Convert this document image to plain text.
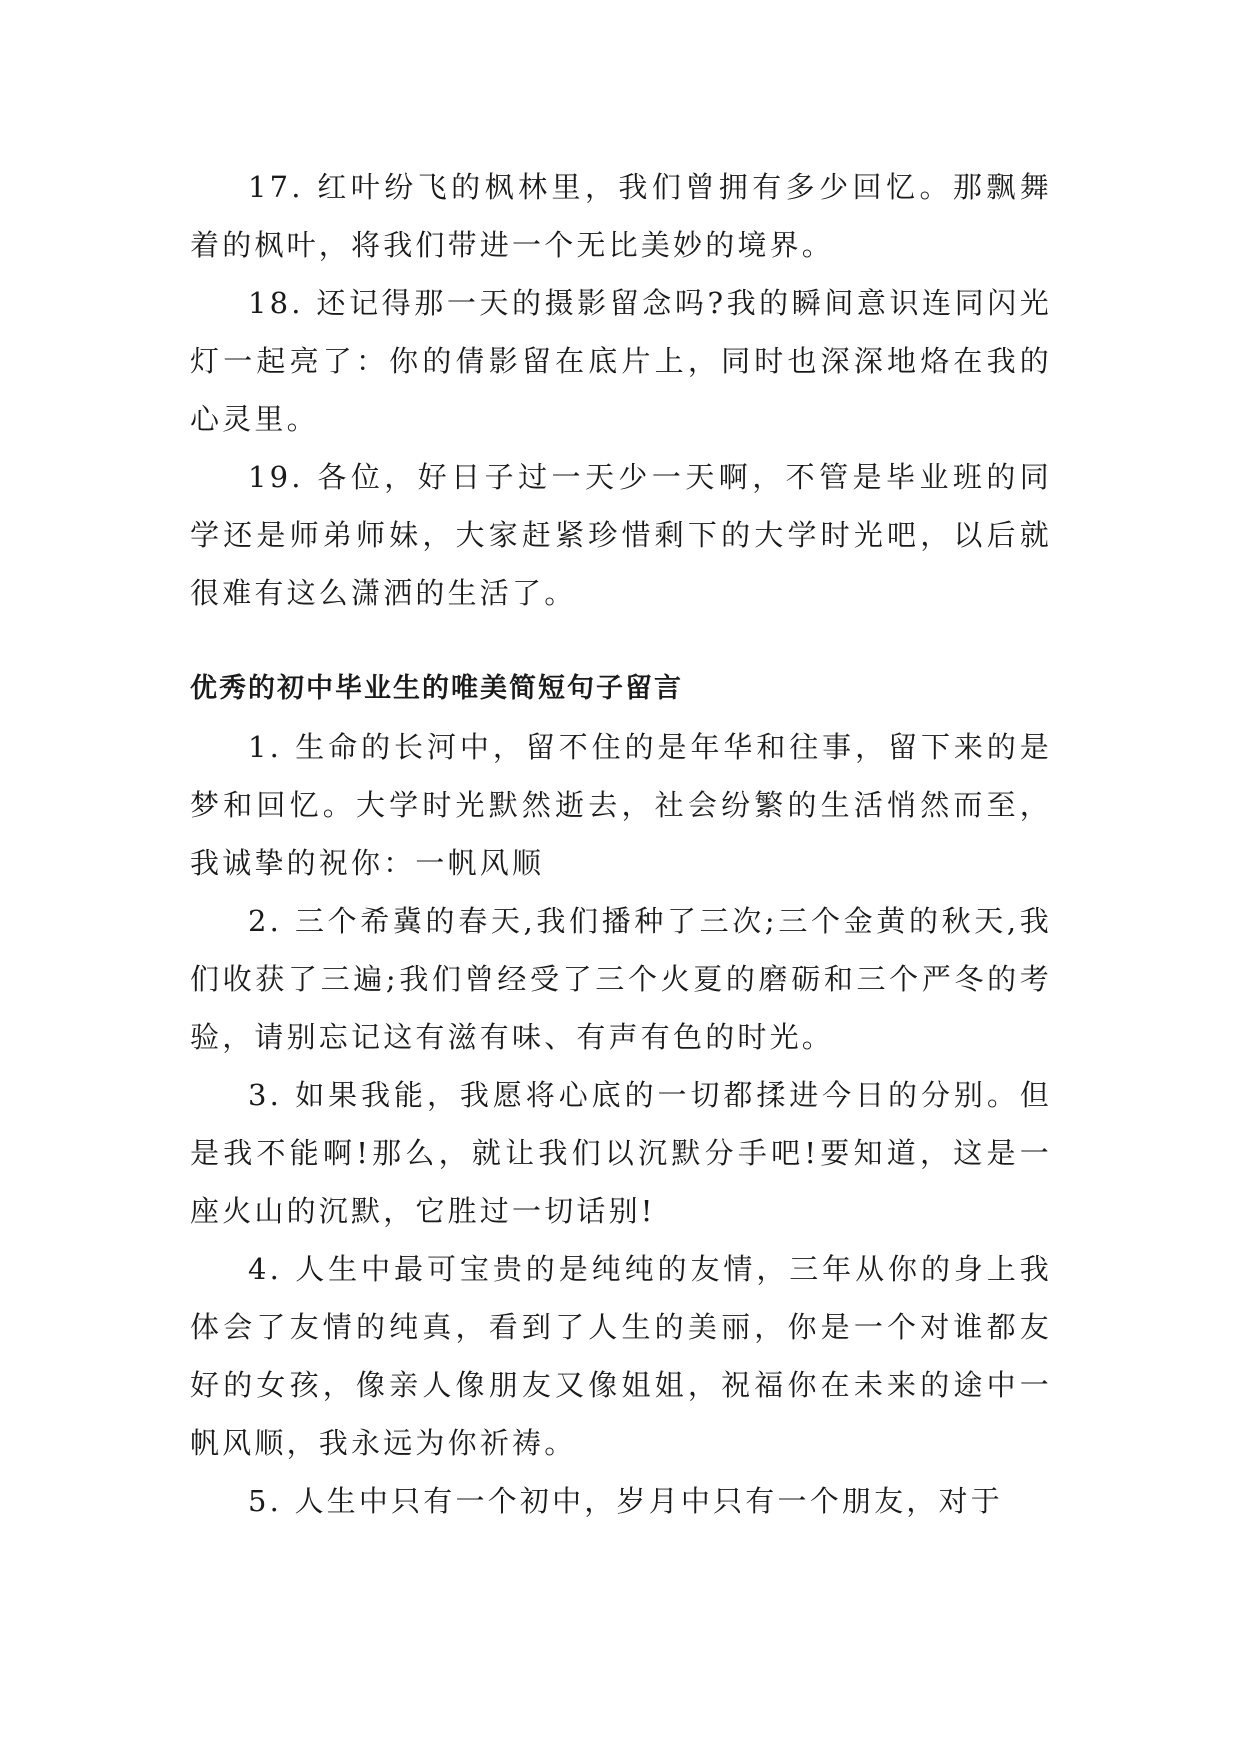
17. 红叶纷飞的枫林里，我们曾拥有多少回忆。那飘舞着的枫叶，将我们带进一个无比美妙的境界。

18. 还记得那一天的摄影留念吗?我的瞬间意识连同闪光灯一起亮了：你的倩影留在底片上，同时也深深地烙在我的心灵里。

19. 各位，好日子过一天少一天啊，不管是毕业班的同学还是师弟师妹，大家赶紧珍惜剩下的大学时光吧，以后就很难有这么潇洒的生活了。

优秀的初中毕业生的唯美简短句子留言

1. 生命的长河中，留不住的是年华和往事，留下来的是梦和回忆。大学时光默然逝去，社会纷繁的生活悄然而至，我诚挚的祝你：一帆风顺

2. 三个希冀的春天,我们播种了三次;三个金黄的秋天,我们收获了三遍;我们曾经受了三个火夏的磨砺和三个严冬的考验，请别忘记这有滋有味、有声有色的时光。

3. 如果我能，我愿将心底的一切都揉进今日的分别。但是我不能啊!那么，就让我们以沉默分手吧!要知道，这是一座火山的沉默，它胜过一切话别!

4. 人生中最可宝贵的是纯纯的友情，三年从你的身上我体会了友情的纯真，看到了人生的美丽，你是一个对谁都友好的女孩，像亲人像朋友又像姐姐，祝福你在未来的途中一帆风顺，我永远为你祈祷。

5. 人生中只有一个初中，岁月中只有一个朋友，对于
